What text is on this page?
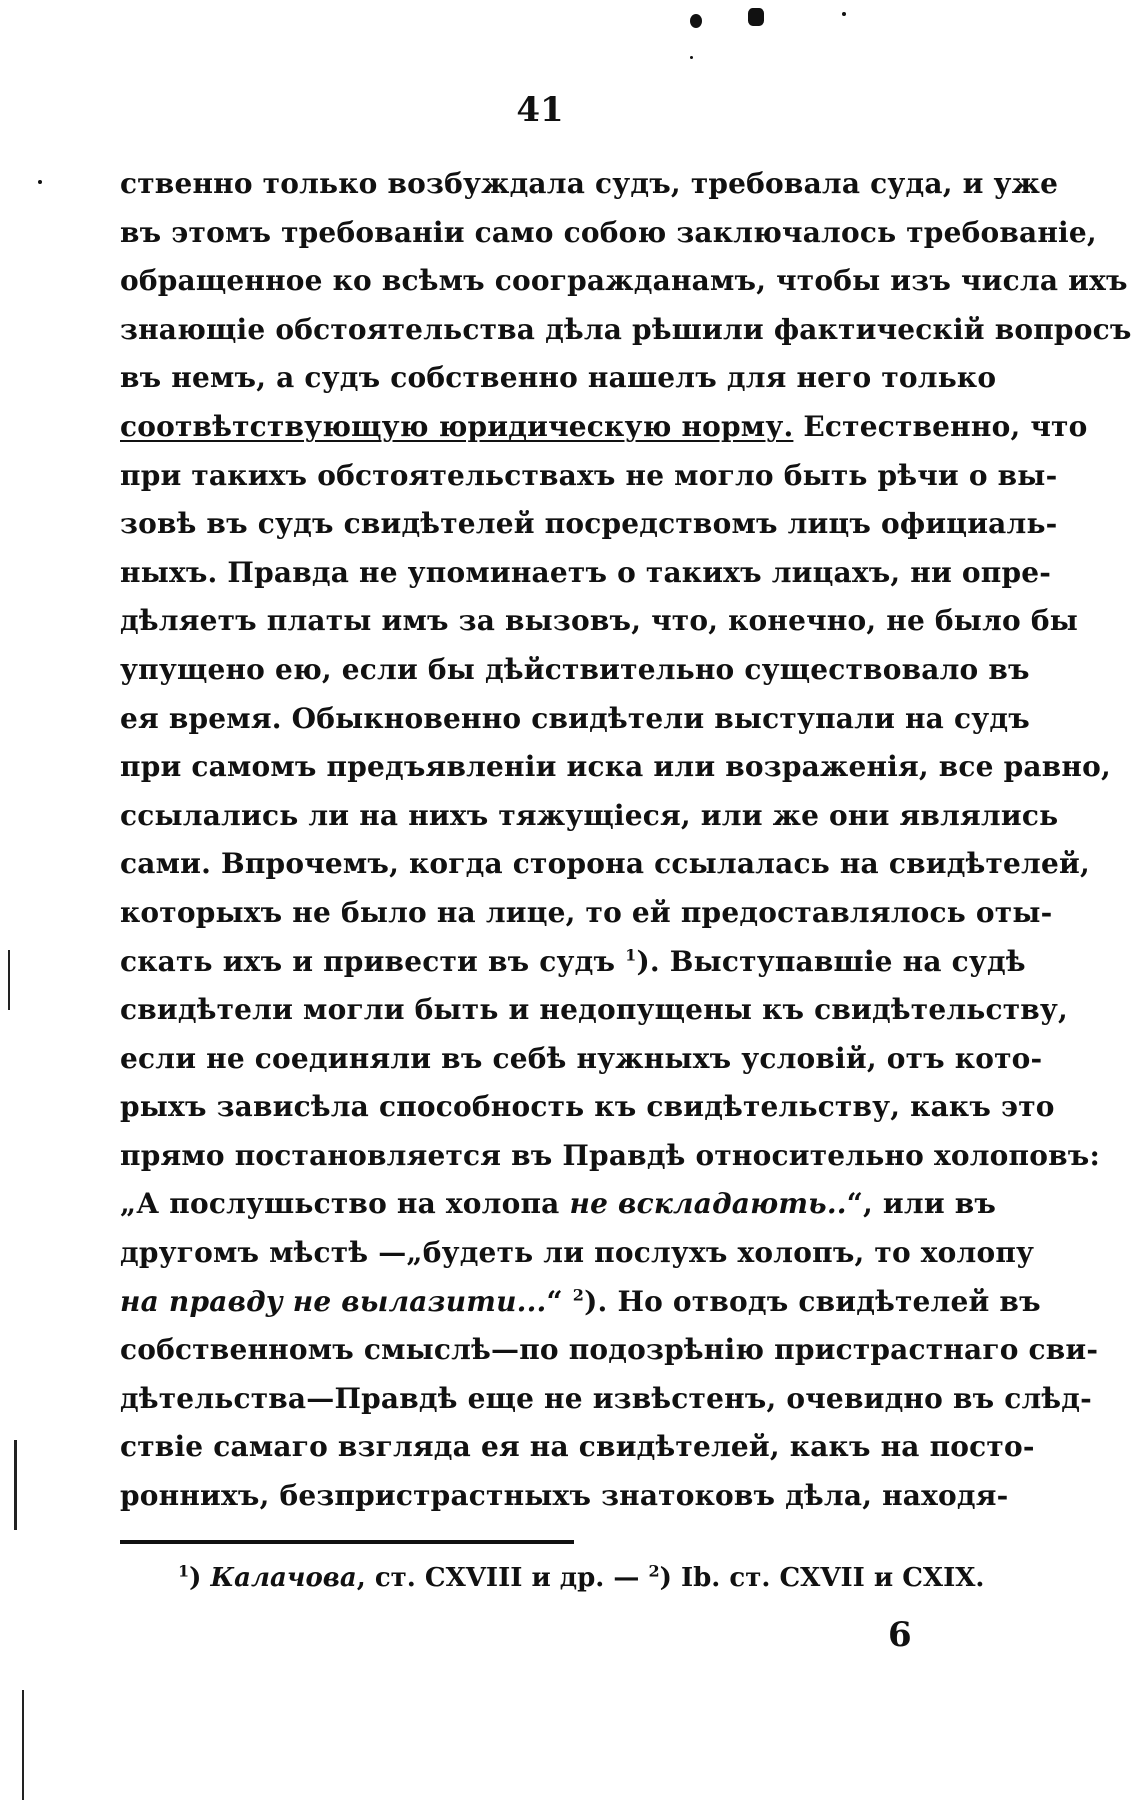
41
ственно только возбуждала судъ, требовала суда, и уже
въ этомъ требованіи само собою заключалось требованіе,
обращенное ко всѣмъ соогражданамъ, чтобы изъ числа ихъ
знающіе обстоятельства дѣла рѣшили фактическій вопросъ
въ немъ, а судъ собственно нашелъ для него только
соотвѣтствующую юридическую норму. Естественно, что
при такихъ обстоятельствахъ не могло быть рѣчи о вы-
зовѣ въ судъ свидѣтелей посредствомъ лицъ официаль-
ныхъ. Правда не упоминаетъ о такихъ лицахъ, ни опре-
дѣляетъ платы имъ за вызовъ, что, конечно, не было бы
упущено ею, если бы дѣйствительно существовало въ
ея время. Обыкновенно свидѣтели выступали на судъ
при самомъ предъявленіи иска или возраженія, все равно,
ссылались ли на нихъ тяжущіеся, или же они являлись
сами. Впрочемъ, когда сторона ссылалась на свидѣтелей,
которыхъ не было на лице, то ей предоставлялось оты-
скать ихъ и привести въ судъ $^1$). Выступавшіе на судѣ
свидѣтели могли быть и недопущены къ свидѣтельству,
если не соединяли въ себѣ нужныхъ условій, отъ кото-
рыхъ зависѣла способность къ свидѣтельству, какъ это
прямо постановляется въ Правдѣ относительно холоповъ:
„А послушьство на холопа не вскладають..“, или въ
другомъ мѣстѣ —„будеть ли послухъ холопъ, то холопу
на правду не вылазити...“ $^2$). Но отводъ свидѣтелей въ
собственномъ смыслѣ—по подозрѣнію пристрастнаго сви-
дѣтельства—Правдѣ еще не извѣстенъ, очевидно въ слѣд-
ствіе самаго взгляда ея на свидѣтелей, какъ на посто-
роннихъ, безпристрастныхъ знатоковъ дѣла, находя-
$^1$) Калачова, ст. CXVIII и др. — $^2$) Ib. ст. CXVII и CXIX.
6
